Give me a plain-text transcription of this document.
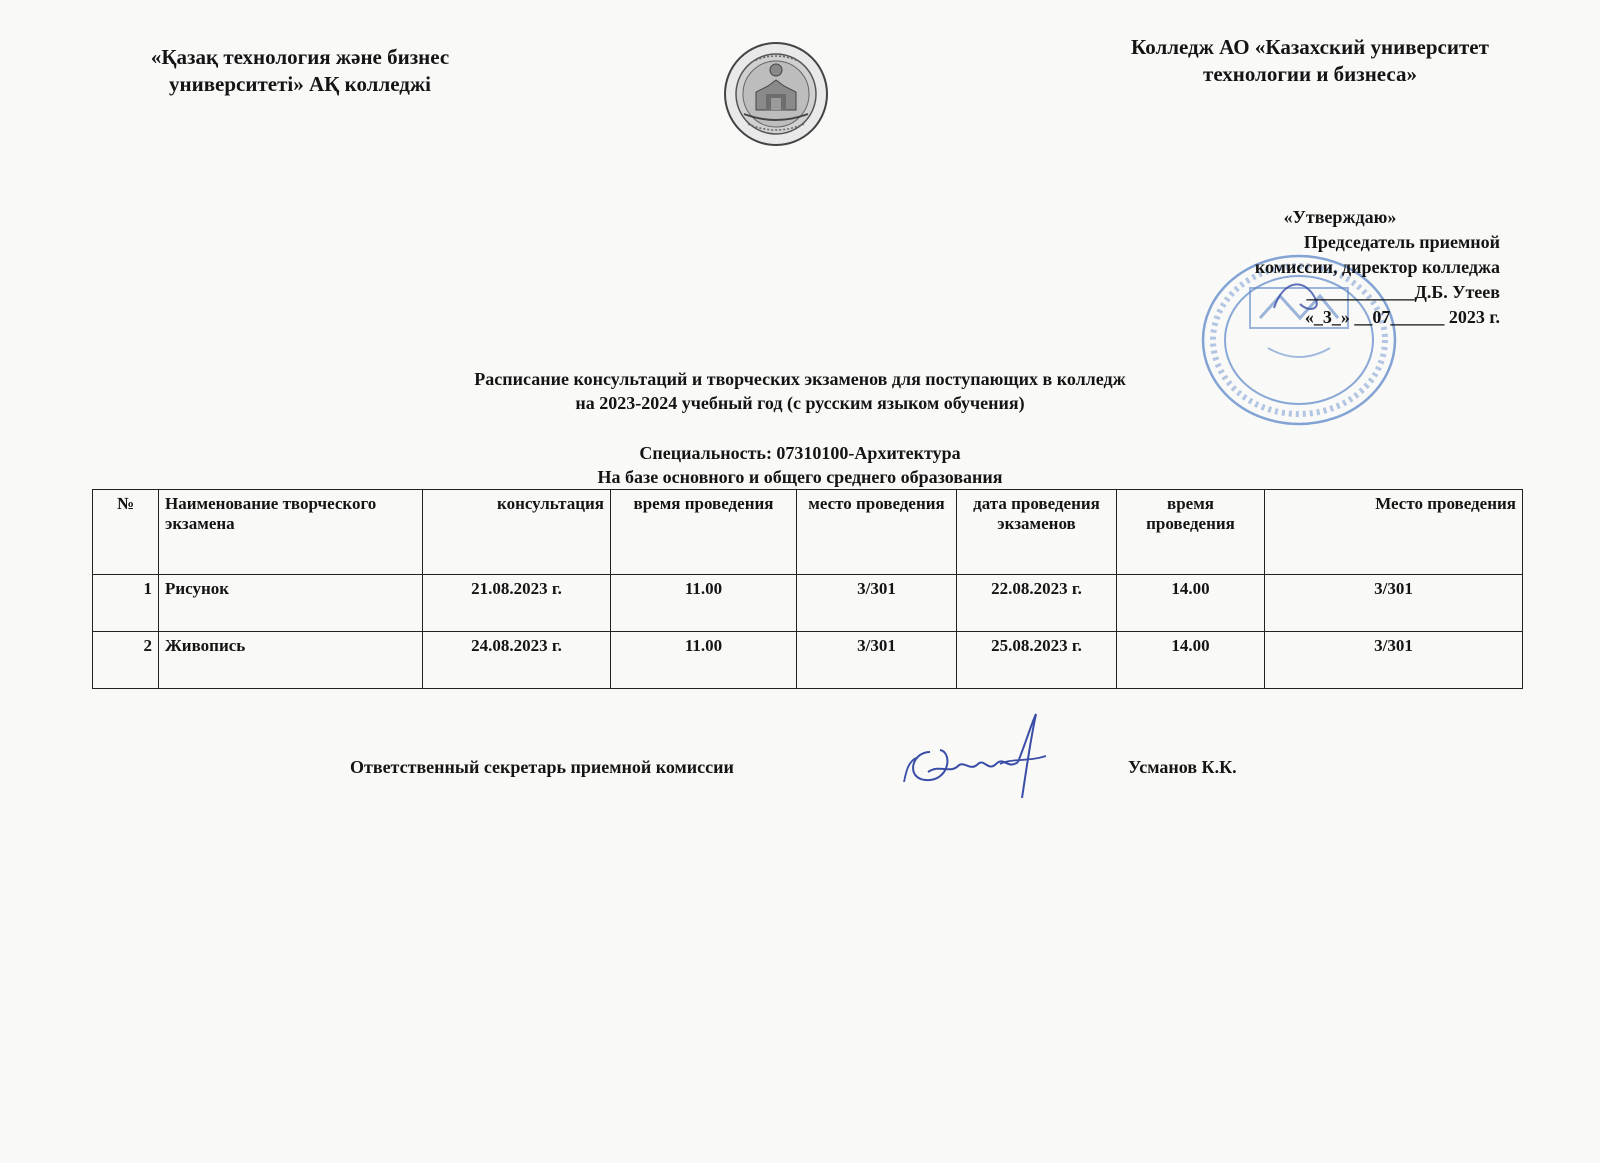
«Қазақ технология және бизнес
университеті» АҚ колледжі
Колледж АО «Казахский университет
технологии и бизнеса»
«Утверждаю»
Председатель приемной
комиссии, директор колледжа
____________Д.Б. Утеев
«_3_» __07______ 2023 г.
Расписание консультаций и творческих экзаменов для поступающих в колледж
на 2023-2024 учебный год (с русским языком обучения)
Специальность: 07310100-Архитектура
На базе основного и общего среднего образования
№	Наименование творческого экзамена	консультация	время проведения	место проведения	дата проведения экзаменов	время проведения	Место проведения
1	Рисунок	21.08.2023 г.	11.00	3/301	22.08.2023 г.	14.00	3/301
2	Живопись	24.08.2023 г.	11.00	3/301	25.08.2023 г.	14.00	3/301
Ответственный секретарь приемной комиссии	Усманов К.К.
